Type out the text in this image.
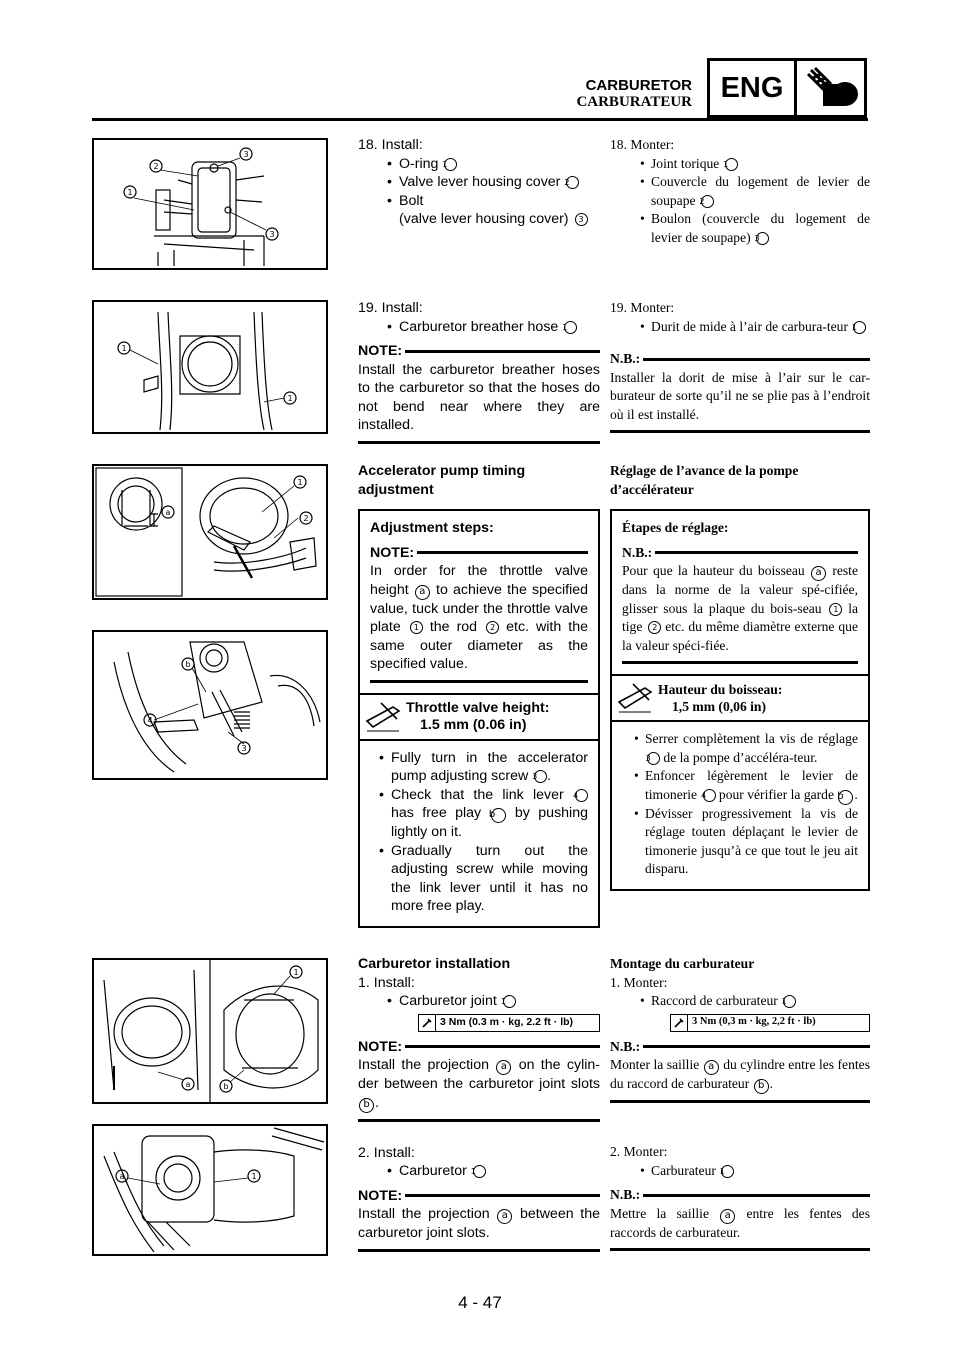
CARBURETOR
CARBURATEUR ENG
1
2
3
3
1
1
1
2
a
b
4
3
1
a	b
a	1

18. Install:

• O-ring 1

• Valve lever housing cover 2

• Bolt

(valve lever housing cover) 3

18. Monter:

• Joint torique 1

• Couvercle du logement de levier de soupape 2

• Boulon (couvercle du logement de levier de soupape) 3

19. Install:

• Carburetor breather hose 1

NOTE:

Install the carburetor breather hoses to the carburetor so that the hoses do not bend near where they are installed.

19. Monter:

• Durit de mide à l’air de carbura-teur 1

N.B.:

Installer la dorit de mise à l’air sur le car-burateur de sorte qu’il ne se plie pas à l’endroit où il est installé.

Accelerator pump timing adjustment

Adjustment steps:

NOTE:

In order for the throttle valve height a to achieve the specified value, tuck under the throttle valve plate 1 the rod 2 etc. with the same outer diameter as the specified value.

Throttle valve height:
1.5 mm (0.06 in)

• Fully turn in the accelerator pump adjusting screw 3 .

• Check that the link lever 4 has free play b by pushing lightly on it.

• Gradually turn out the adjusting screw while moving the link lever until it has no more free play.

Réglage de l’avance de la pompe d’accélérateur

Étapes de réglage:

N.B.:

Pour que la hauteur du boisseau a reste dans la norme de la valeur spé-cifiée, glisser sous la plaque du bois-seau 1 la tige 2 etc. du même diamètre externe que la valeur spéci-fiée.

Hauteur du boisseau:
1,5 mm (0,06 in)

• Serrer complètement la vis de réglage 3 de la pompe d’accéléra-teur.

• Enfoncer légèrement le levier de timonerie 4 pour vérifier la garde b .

• Dévisser progressivement la vis de réglage touten déplaçant le levier de timonerie jusqu’à ce que tout le jeu ait disparu.

Carburetor installation

1. Install:

• Carburetor joint 1

3 Nm (0.3 m · kg, 2.2 ft · lb)
NOTE:

Install the projection a on the cylin-der between the carburetor joint slots b .

2. Install:

• Carburetor 1

NOTE:

Install the projection a between the carburetor joint slots.

Montage du carburateur

1. Monter:

• Raccord de carburateur 1

3 Nm (0,3 m · kg, 2,2 ft · lb)
N.B.:

Monter la saillie a du cylindre entre les fentes du raccord de carburateur b .

2. Monter:

• Carburateur 1

N.B.:

Mettre la saillie a entre les fentes des raccords de carburateur.

4 - 47
